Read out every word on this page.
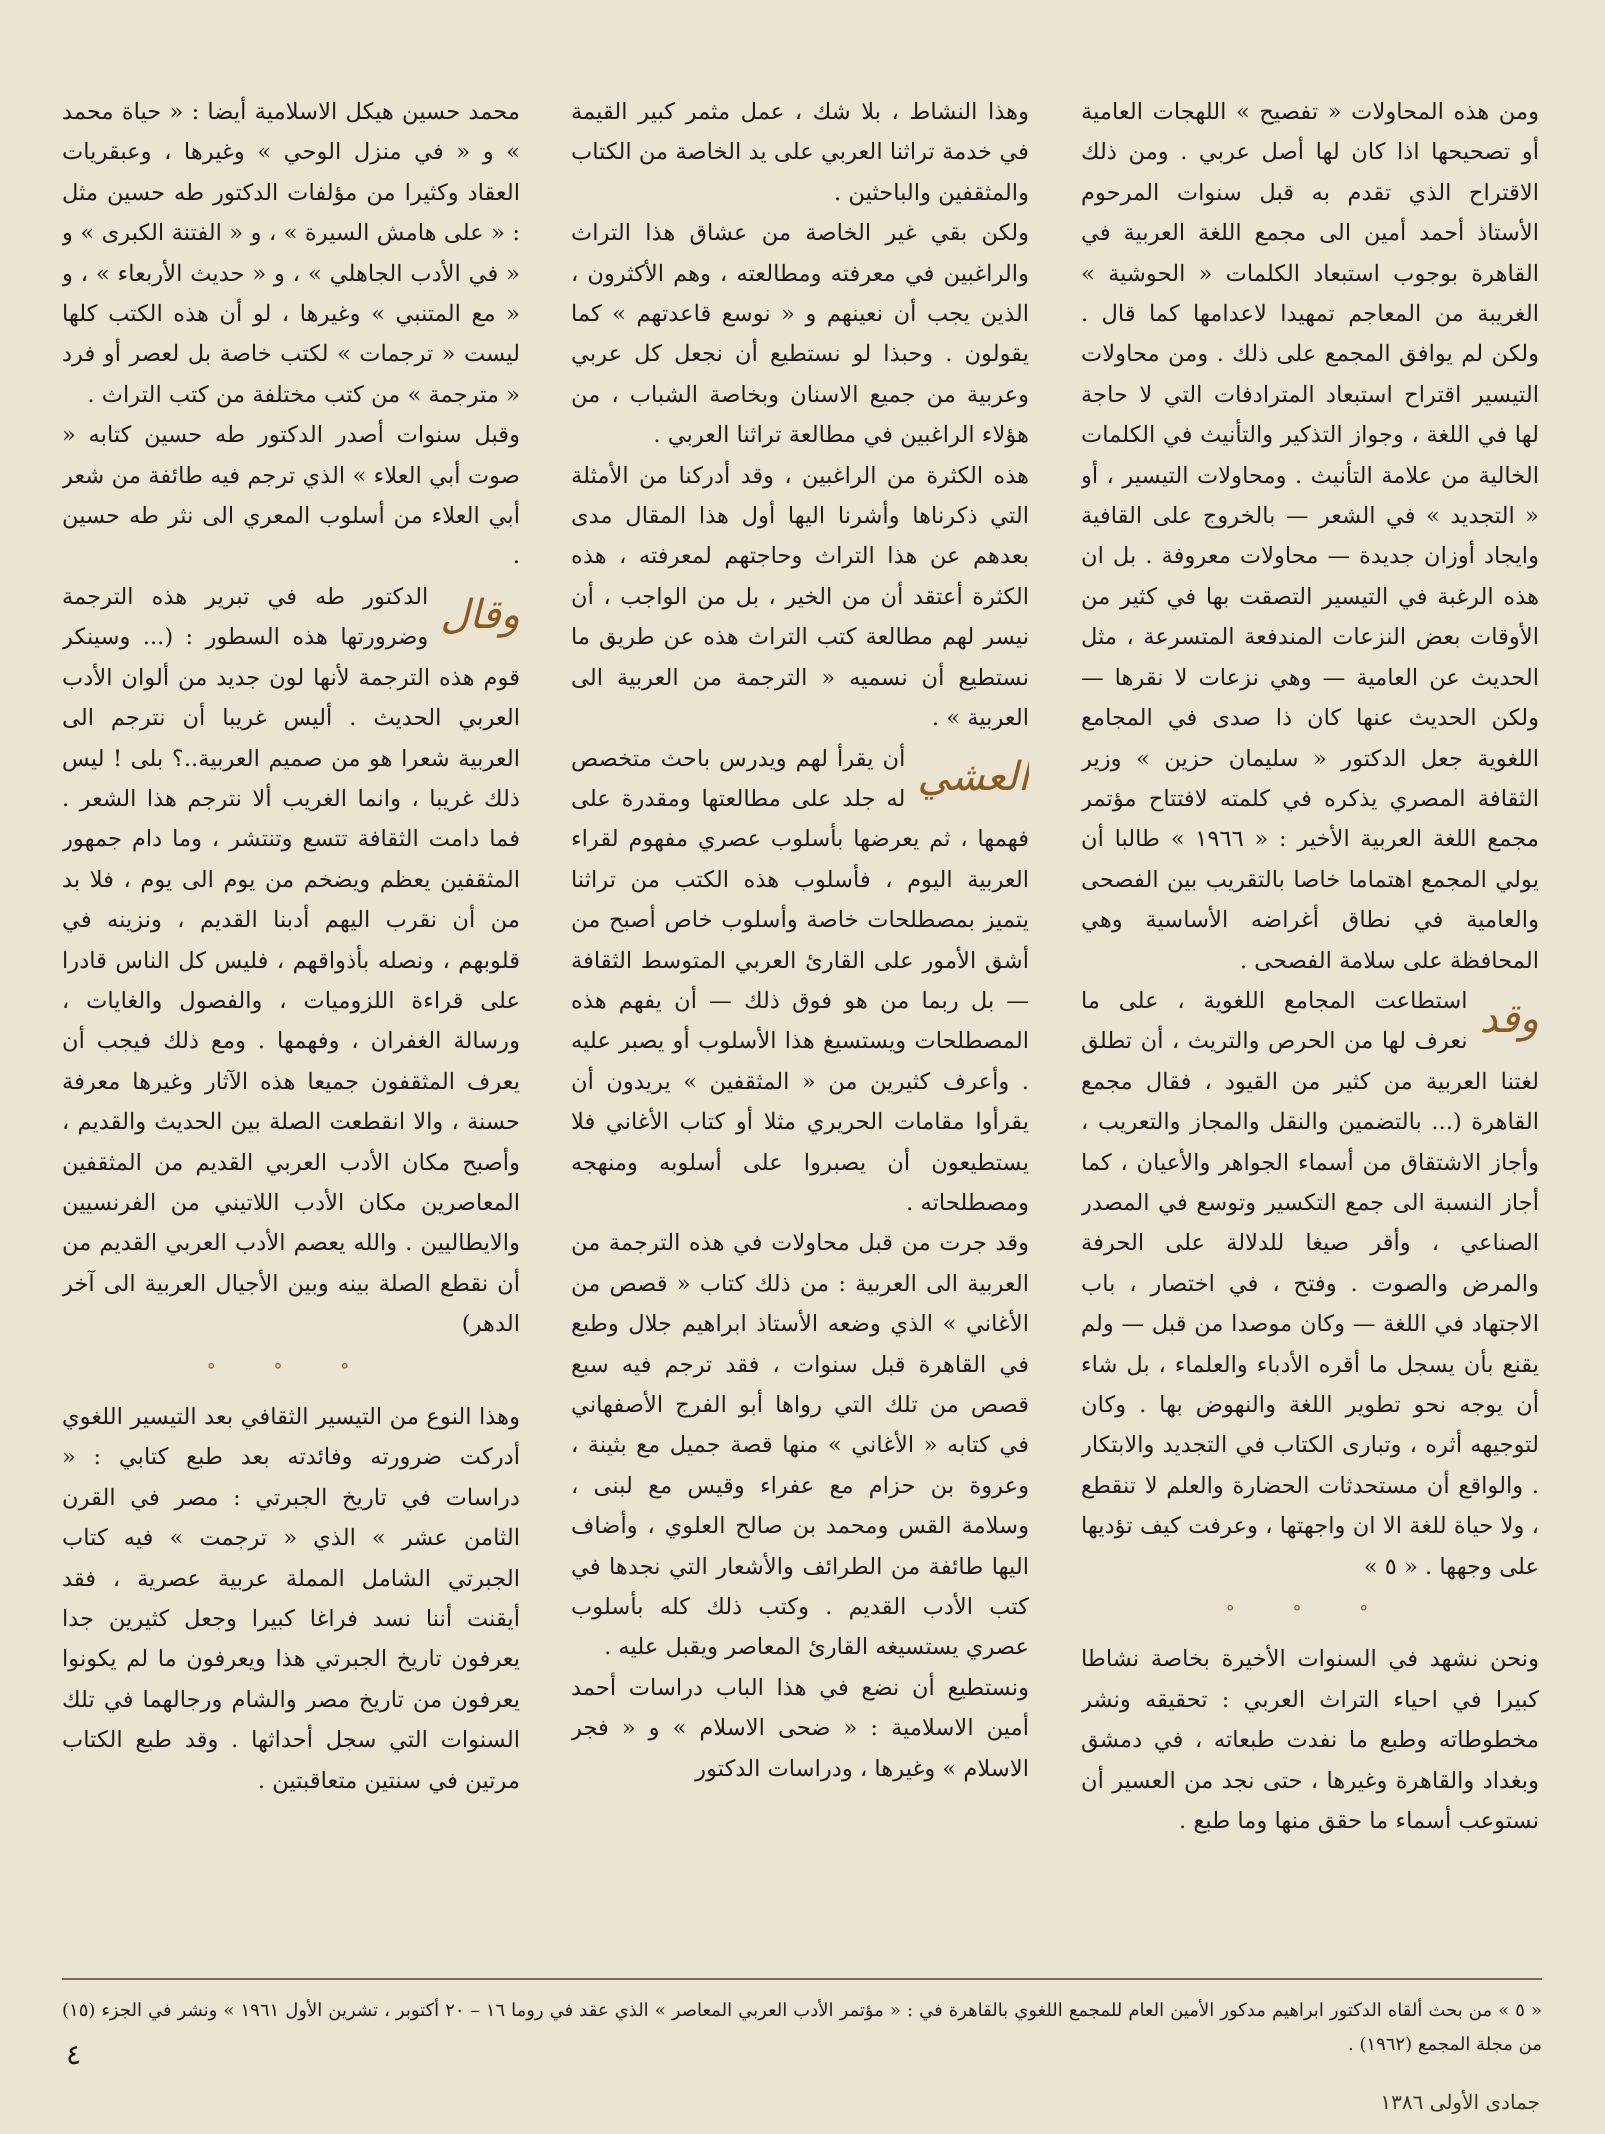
ومن هذه المحاولات « تفصيح » اللهجات العامية أو تصحيحها اذا كان لها أصل عربي . ومن ذلك الاقتراح الذي تقدم به قبل سنوات المرحوم الأستاذ أحمد أمين الى مجمع اللغة العربية في القاهرة بوجوب استبعاد الكلمات « الحوشية » الغريبة من المعاجم تمهيدا لاعدامها كما قال . ولكن لم يوافق المجمع على ذلك . ومن محاولات التيسير اقتراح استبعاد المترادفات التي لا حاجة لها في اللغة ، وجواز التذكير والتأنيث في الكلمات الخالية من علامة التأنيث . ومحاولات التيسير ، أو « التجديد » في الشعر — بالخروج على القافية وايجاد أوزان جديدة — محاولات معروفة . بل ان هذه الرغبة في التيسير التصقت بها في كثير من الأوقات بعض النزعات المندفعة المتسرعة ، مثل الحديث عن العامية — وهي نزعات لا نقرها — ولكن الحديث عنها كان ذا صدى في المجامع اللغوية جعل الدكتور « سليمان حزين » وزير الثقافة المصري يذكره في كلمته لافتتاح مؤتمر مجمع اللغة العربية الأخير : « ١٩٦٦ » طالبا أن يولي المجمع اهتماما خاصا بالتقريب بين الفصحى والعامية في نطاق أغراضه الأساسية وهي المحافظة على سلامة الفصحى .

وقد
استطاعت المجامع اللغوية ، على ما نعرف لها من الحرص والتريث ، أن تطلق لغتنا العربية من كثير من القيود ، فقال مجمع القاهرة (... بالتضمين والنقل والمجاز والتعريب ، وأجاز الاشتقاق من أسماء الجواهر والأعيان ، كما أجاز النسبة الى جمع التكسير وتوسع في المصدر الصناعي ، وأقر صيغا للدلالة على الحرفة والمرض والصوت . وفتح ، في اختصار ، باب الاجتهاد في اللغة — وكان موصدا من قبل — ولم يقنع بأن يسجل ما أقره الأدباء والعلماء ، بل شاء أن يوجه نحو تطوير اللغة والنهوض بها . وكان لتوجيهه أثره ، وتبارى الكتاب في التجديد والابتكار . والواقع أن مستحدثات الحضارة والعلم لا تنقطع ، ولا حياة للغة الا ان واجهتها ، وعرفت كيف تؤديها على وجهها . « ٥ »

° ° °

ونحن نشهد في السنوات الأخيرة بخاصة نشاطا كبيرا في احياء التراث العربي : تحقيقه ونشر مخطوطاته وطبع ما نفدت طبعاته ، في دمشق وبغداد والقاهرة وغيرها ، حتى نجد من العسير أن نستوعب أسماء ما حقق منها وما طبع .

وهذا النشاط ، بلا شك ، عمل مثمر كبير القيمة في خدمة تراثنا العربي على يد الخاصة من الكتاب والمثقفين والباحثين .

ولكن بقي غير الخاصة من عشاق هذا التراث والراغبين في معرفته ومطالعته ، وهم الأكثرون ، الذين يجب أن نعينهم و « نوسع قاعدتهم » كما يقولون . وحبذا لو نستطيع أن نجعل كل عربي وعربية من جميع الاسنان وبخاصة الشباب ، من هؤلاء الراغبين في مطالعة تراثنا العربي .

هذه الكثرة من الراغبين ، وقد أدركنا من الأمثلة التي ذكرناها وأشرنا اليها أول هذا المقال مدى بعدهم عن هذا التراث وحاجتهم لمعرفته ، هذه الكثرة أعتقد أن من الخير ، بل من الواجب ، أن نيسر لهم مطالعة كتب التراث هذه عن طريق ما نستطيع أن نسميه « الترجمة من العربية الى العربية » .

العشي
أن يقرأ لهم ويدرس باحث متخصص له جلد على مطالعتها ومقدرة على فهمها ، ثم يعرضها بأسلوب عصري مفهوم لقراء العربية اليوم ، فأسلوب هذه الكتب من تراثنا يتميز بمصطلحات خاصة وأسلوب خاص أصبح من أشق الأمور على القارئ العربي المتوسط الثقافة — بل ربما من هو فوق ذلك — أن يفهم هذه المصطلحات ويستسيغ هذا الأسلوب أو يصبر عليه . وأعرف كثيرين من « المثقفين » يريدون أن يقرأوا مقامات الحريري مثلا أو كتاب الأغاني فلا يستطيعون أن يصبروا على أسلوبه ومنهجه ومصطلحاته .

وقد جرت من قبل محاولات في هذه الترجمة من العربية الى العربية : من ذلك كتاب « قصص من الأغاني » الذي وضعه الأستاذ ابراهيم جلال وطبع في القاهرة قبل سنوات ، فقد ترجم فيه سبع قصص من تلك التي رواها أبو الفرج الأصفهاني في كتابه « الأغاني » منها قصة جميل مع بثينة ، وعروة بن حزام مع عفراء وقيس مع لبنى ، وسلامة القس ومحمد بن صالح العلوي ، وأضاف اليها طائفة من الطرائف والأشعار التي نجدها في كتب الأدب القديم . وكتب ذلك كله بأسلوب عصري يستسيغه القارئ المعاصر ويقبل عليه .

ونستطيع أن نضع في هذا الباب دراسات أحمد أمين الاسلامية : « ضحى الاسلام » و « فجر الاسلام » وغيرها ، ودراسات الدكتور

محمد حسين هيكل الاسلامية أيضا : « حياة محمد » و « في منزل الوحي » وغيرها ، وعبقريات العقاد وكثيرا من مؤلفات الدكتور طه حسين مثل : « على هامش السيرة » ، و « الفتنة الكبرى » و « في الأدب الجاهلي » ، و « حديث الأربعاء » ، و « مع المتنبي » وغيرها ، لو أن هذه الكتب كلها ليست « ترجمات » لكتب خاصة بل لعصر أو فرد « مترجمة » من كتب مختلفة من كتب التراث .

وقبل سنوات أصدر الدكتور طه حسين كتابه « صوت أبي العلاء » الذي ترجم فيه طائفة من شعر أبي العلاء من أسلوب المعري الى نثر طه حسين .

وقال
الدكتور طه في تبرير هذه الترجمة وضرورتها هذه السطور : (... وسينكر قوم هذه الترجمة لأنها لون جديد من ألوان الأدب العربي الحديث . أليس غريبا أن نترجم الى العربية شعرا هو من صميم العربية..؟ بلى ! ليس ذلك غريبا ، وانما الغريب ألا نترجم هذا الشعر . فما دامت الثقافة تتسع وتنتشر ، وما دام جمهور المثقفين يعظم ويضخم من يوم الى يوم ، فلا بد من أن نقرب اليهم أدبنا القديم ، ونزينه في قلوبهم ، ونصله بأذواقهم ، فليس كل الناس قادرا على قراءة اللزوميات ، والفصول والغايات ، ورسالة الغفران ، وفهمها . ومع ذلك فيجب أن يعرف المثقفون جميعا هذه الآثار وغيرها معرفة حسنة ، والا انقطعت الصلة بين الحديث والقديم ، وأصبح مكان الأدب العربي القديم من المثقفين المعاصرين مكان الأدب اللاتيني من الفرنسيين والايطاليين . والله يعصم الأدب العربي القديم من أن نقطع الصلة بينه وبين الأجيال العربية الى آخر الدهر)

° ° °

وهذا النوع من التيسير الثقافي بعد التيسير اللغوي أدركت ضرورته وفائدته بعد طبع كتابي : « دراسات في تاريخ الجبرتي : مصر في القرن الثامن عشر » الذي « ترجمت » فيه كتاب الجبرتي الشامل المملة عربية عصرية ، فقد أيقنت أننا نسد فراغا كبيرا وجعل كثيرين جدا يعرفون تاريخ الجبرتي هذا ويعرفون ما لم يكونوا يعرفون من تاريخ مصر والشام ورجالهما في تلك السنوات التي سجل أحداثها . وقد طبع الكتاب مرتين في سنتين متعاقبتين .

« ٥ » من بحث ألقاه الدكتور ابراهيم مدكور الأمين العام للمجمع اللغوي بالقاهرة في : « مؤتمر الأدب العربي المعاصر » الذي عقد في روما ١٦ – ٢٠ أكتوبر ، تشرين الأول ١٩٦١ » ونشر في الجزء (١٥) من مجلة المجمع (١٩٦٢) .
٤
جمادى الأولى ١٣٨٦
